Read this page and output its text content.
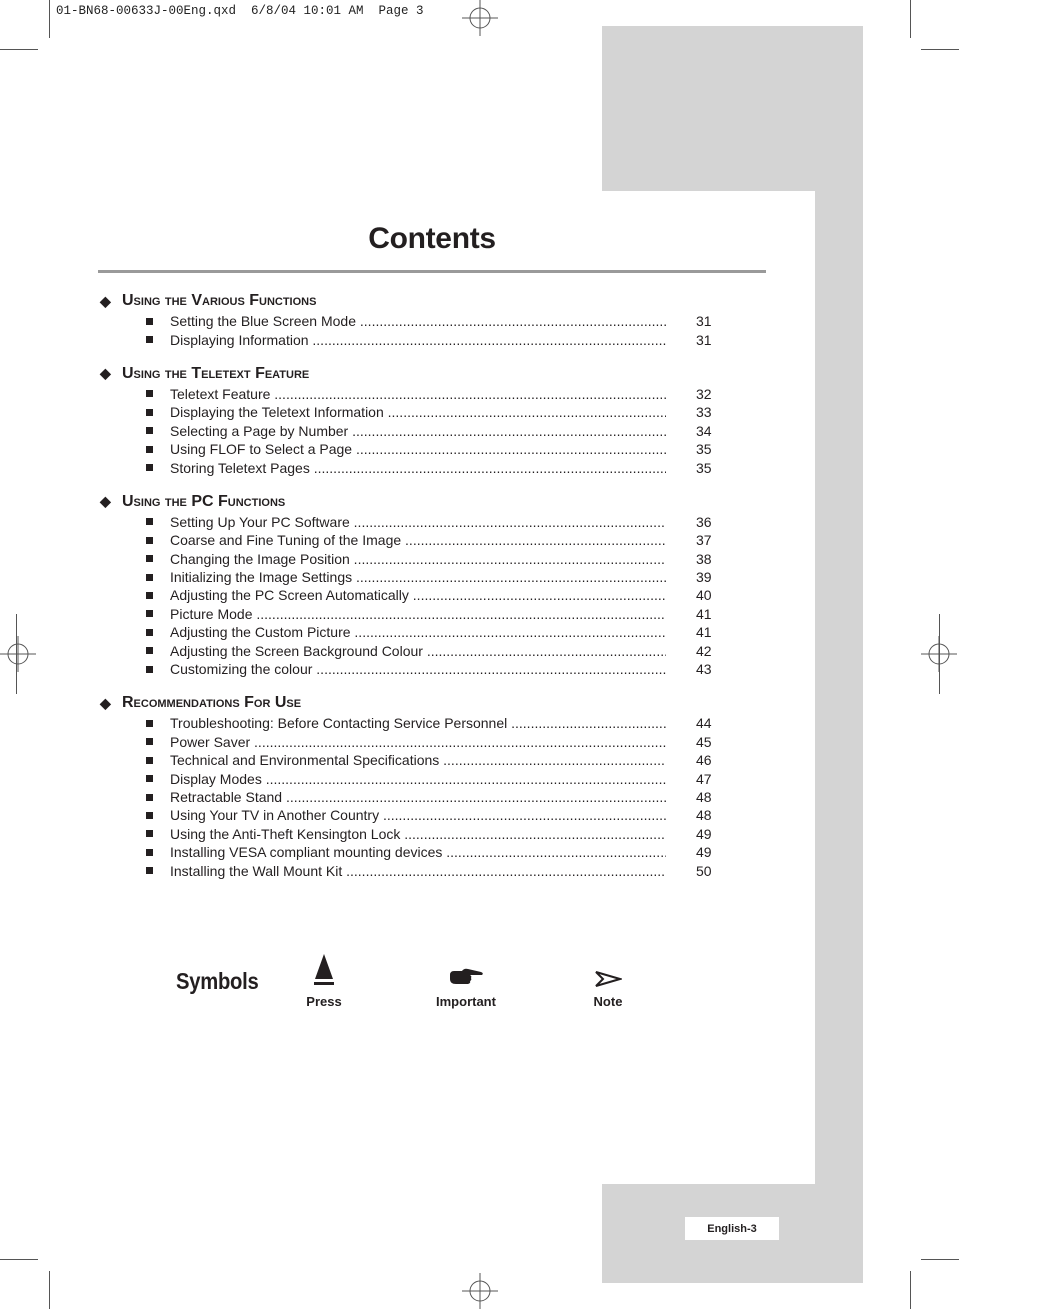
01-BN68-00633J-00Eng.qxd  6/8/04 10:01 AM  Page 3
Contents
◆ Using the Various Functions
Setting the Blue Screen Mode .....	31
Displaying Information .....	31
◆ Using the Teletext Feature
Teletext Feature .....	32
Displaying the Teletext Information .....	33
Selecting a Page by Number .....	34
Using FLOF to Select a Page .....	35
Storing Teletext Pages .....	35
◆ Using the PC Functions
Setting Up Your PC Software .....	36
Coarse and Fine Tuning of the Image .....	37
Changing the Image Position .....	38
Initializing the Image Settings .....	39
Adjusting the PC Screen Automatically .....	40
Picture Mode .....	41
Adjusting the Custom Picture .....	41
Adjusting the Screen Background Colour .....	42
Customizing the colour .....	43
◆ Recommendations For Use
Troubleshooting: Before Contacting Service Personnel .....	44
Power Saver .....	45
Technical and Environmental Specifications .....	46
Display Modes .....	47
Retractable Stand .....	48
Using Your TV in Another Country .....	48
Using the Anti-Theft Kensington Lock .....	49
Installing VESA compliant mounting devices .....	49
Installing the Wall Mount Kit .....	50
Symbols
Press	Important	Note
English-3
